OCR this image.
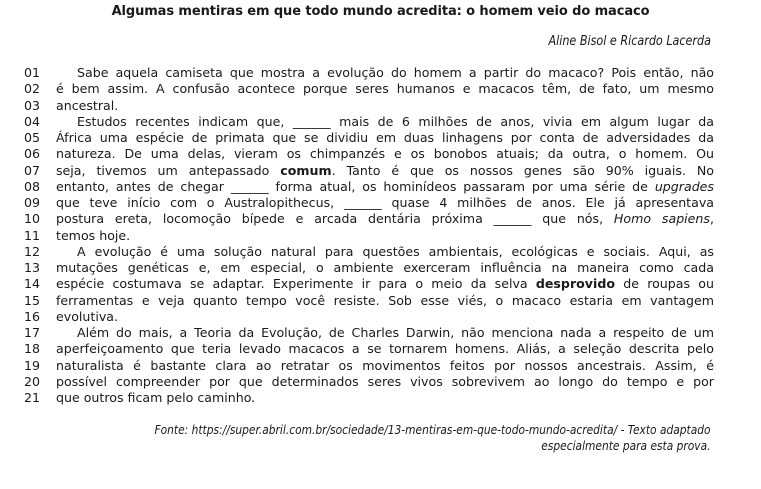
Algumas mentiras em que todo mundo acredita: o homem veio do macaco
Aline Bisol e Ricardo Lacerda
01	Sabe aquela camiseta que mostra a evolução do homem a partir do macaco? Pois então, não
02	é bem assim. A confusão acontece porque seres humanos e macacos têm, de fato, um mesmo
03	ancestral.
04	Estudos recentes indicam que, ______ mais de 6 milhões de anos, vivia em algum lugar da
05	África uma espécie de primata que se dividiu em duas linhagens por conta de adversidades da
06	natureza. De uma delas, vieram os chimpanzés e os bonobos atuais; da outra, o homem. Ou
07	seja, tivemos um antepassado comum. Tanto é que os nossos genes são 90% iguais. No
08	entanto, antes de chegar ______ forma atual, os hominídeos passaram por uma série de upgrades
09	que teve início com o Australopithecus, ______ quase 4 milhões de anos. Ele já apresentava
10	postura ereta, locomoção bípede e arcada dentária próxima ______ que nós, Homo sapiens,
11	temos hoje.
12	A evolução é uma solução natural para questões ambientais, ecológicas e sociais. Aqui, as
13	mutações genéticas e, em especial, o ambiente exerceram influência na maneira como cada
14	espécie costumava se adaptar. Experimente ir para o meio da selva desprovido de roupas ou
15	ferramentas e veja quanto tempo você resiste. Sob esse viés, o macaco estaria em vantagem
16	evolutiva.
17	Além do mais, a Teoria da Evolução, de Charles Darwin, não menciona nada a respeito de um
18	aperfeiçoamento que teria levado macacos a se tornarem homens. Aliás, a seleção descrita pelo
19	naturalista é bastante clara ao retratar os movimentos feitos por nossos ancestrais. Assim, é
20	possível compreender por que determinados seres vivos sobrevivem ao longo do tempo e por
21	que outros ficam pelo caminho.
Fonte: https://super.abril.com.br/sociedade/13-mentiras-em-que-todo-mundo-acredita/ - Texto adaptado
especialmente para esta prova.
